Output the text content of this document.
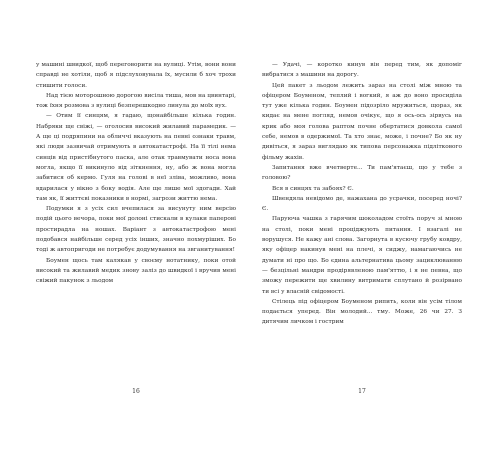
у машині швидкої, щоб переговорити на вулиці. Утім, вони вони справді не хотіли, щоб я підслуховувала їх, мусили б хоч трохи стишити голоси.

Над тією моторошною дорогою висіла тиша, мов на цвинтарі, тож їхня розмова з вулиці безперешкодно линула до моїх вух.

— Отим її синцям, я гадаю, щонайбільше кілька годин. Набряки ще свіжі, — оголосив високий жилавий парамедик. — А ще ці подряпини на обличчі вказують на певні ознаки травм, які люди зазвичай отримують в автокатастрофі. На її тілі нема синців від пристібнутого паска, але отак травмувати носа вона могла, якщо її викинуло від зіткнення, ну, або ж вона могла забитися об кермо. Гуля на голові в неї зліва, можливо, вона вдарилася у вікно з боку водія. Але ще лише мої здогади. Хай там як, її життєві показники в нормі, загрози життю нема.

Подумки я з усіх сил вчепилася за висунуту ним версію подій цього вечора, поки мої долоні стискали в кулаки паперові простирадла на ношах. Варіант з автокатастрофою мені подобався найбільше серед усіх інших, значно похмуріших. Бо тоді ж автопригоди не потребує додумування на звганитування!

Боумен щось там калякав у своєму нотатнику, поки отой високий та жилавий медик знову заліз до швидкої і вручив мені свіжий пакунок з льодом

16

— Удачі, — коротко кинув він перед тим, як допоміг вибратися з машини на дорогу.

Цей пакет з льодом лежить зараз на столі між мною та офіцером Боуменом, теплий і вогкий, я аж до воно просиділа тут уже кілька годин. Боумен підозріло мружиться, щораз, як кидає на мене погляд, немов очікує, що я ось-ось зірвусь на крик або моя голова раптом почне обертатися довкола самої себе, немов в одержимої. Та хто знає, може, і почне? Бо як ну дивіться, я зараз виглядаю як типова персонажка підліткового фільму жахів.

Запитання вже вчетверте... Ти пам'ятаєш, що у тебе з головою?

Вся в синцях та забоях? Є.

Швендяла невідомо де, нажахана до усрачки, посеред ночі? Є.

Паруюча чашка з гарячим шоколадом стоїть поруч зі мною на столі, поки мені проціджують питання. І взагалі не ворушуся. Не кажу ані слова. Загорнута в кусючу грубу ковдру, яку офіцер накинув мені на плечі, я сиджу, намагаючись не думати ні про що. Бо єдина альтернатива цьому зациклюванню — безцільні мандри продірявленою пам'яттю, і я не певна, що зможу пережити ще хвилину витримати сплутано й розірвано ти всі у власній свідомості.

Стілець під офіцером Боуменом рипить, коли він усім тілом подається уперед. Він молодий... тму. Може, 26 чи 27. З дитячим личком і гострим

17
